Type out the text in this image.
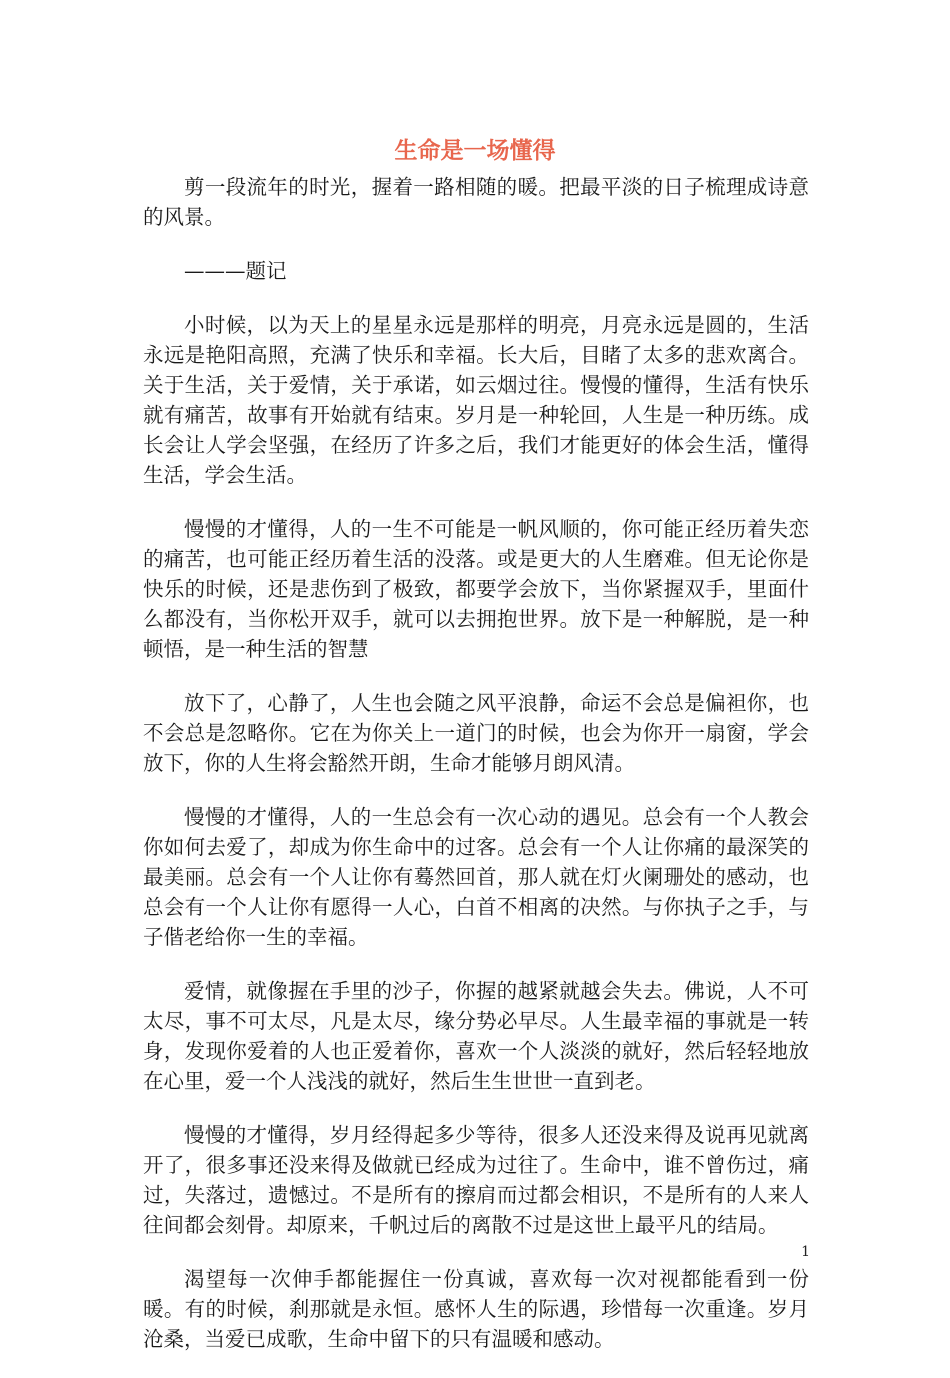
生命是一场懂得

剪一段流年的时光，握着一路相随的暖。把最平淡的日子梳理成诗意的风景。

———题记

小时候，以为天上的星星永远是那样的明亮，月亮永远是圆的，生活永远是艳阳高照，充满了快乐和幸福。长大后，目睹了太多的悲欢离合。关于生活，关于爱情，关于承诺，如云烟过往。慢慢的懂得，生活有快乐就有痛苦，故事有开始就有结束。岁月是一种轮回，人生是一种历练。成长会让人学会坚强，在经历了许多之后，我们才能更好的体会生活，懂得生活，学会生活。

慢慢的才懂得，人的一生不可能是一帆风顺的，你可能正经历着失恋的痛苦，也可能正经历着生活的没落。或是更大的人生磨难。但无论你是快乐的时候，还是悲伤到了极致，都要学会放下，当你紧握双手，里面什么都没有，当你松开双手，就可以去拥抱世界。放下是一种解脱，是一种顿悟，是一种生活的智慧

放下了，心静了，人生也会随之风平浪静，命运不会总是偏袒你，也不会总是忽略你。它在为你关上一道门的时候，也会为你开一扇窗，学会放下，你的人生将会豁然开朗，生命才能够月朗风清。

慢慢的才懂得，人的一生总会有一次心动的遇见。总会有一个人教会你如何去爱了，却成为你生命中的过客。总会有一个人让你痛的最深笑的最美丽。总会有一个人让你有蓦然回首，那人就在灯火阑珊处的感动，也总会有一个人让你有愿得一人心，白首不相离的决然。与你执子之手，与子偕老给你一生的幸福。

爱情，就像握在手里的沙子，你握的越紧就越会失去。佛说，人不可太尽，事不可太尽，凡是太尽，缘分势必早尽。人生最幸福的事就是一转身，发现你爱着的人也正爱着你，喜欢一个人淡淡的就好，然后轻轻地放在心里，爱一个人浅浅的就好，然后生生世世一直到老。

慢慢的才懂得，岁月经得起多少等待，很多人还没来得及说再见就离开了，很多事还没来得及做就已经成为过往了。生命中，谁不曾伤过，痛过，失落过，遗憾过。不是所有的擦肩而过都会相识，不是所有的人来人往间都会刻骨。却原来，千帆过后的离散不过是这世上最平凡的结局。

渴望每一次伸手都能握住一份真诚，喜欢每一次对视都能看到一份暖。有的时候，刹那就是永恒。感怀人生的际遇，珍惜每一次重逢。岁月沧桑，当爱已成歌，生命中留下的只有温暖和感动。

1
